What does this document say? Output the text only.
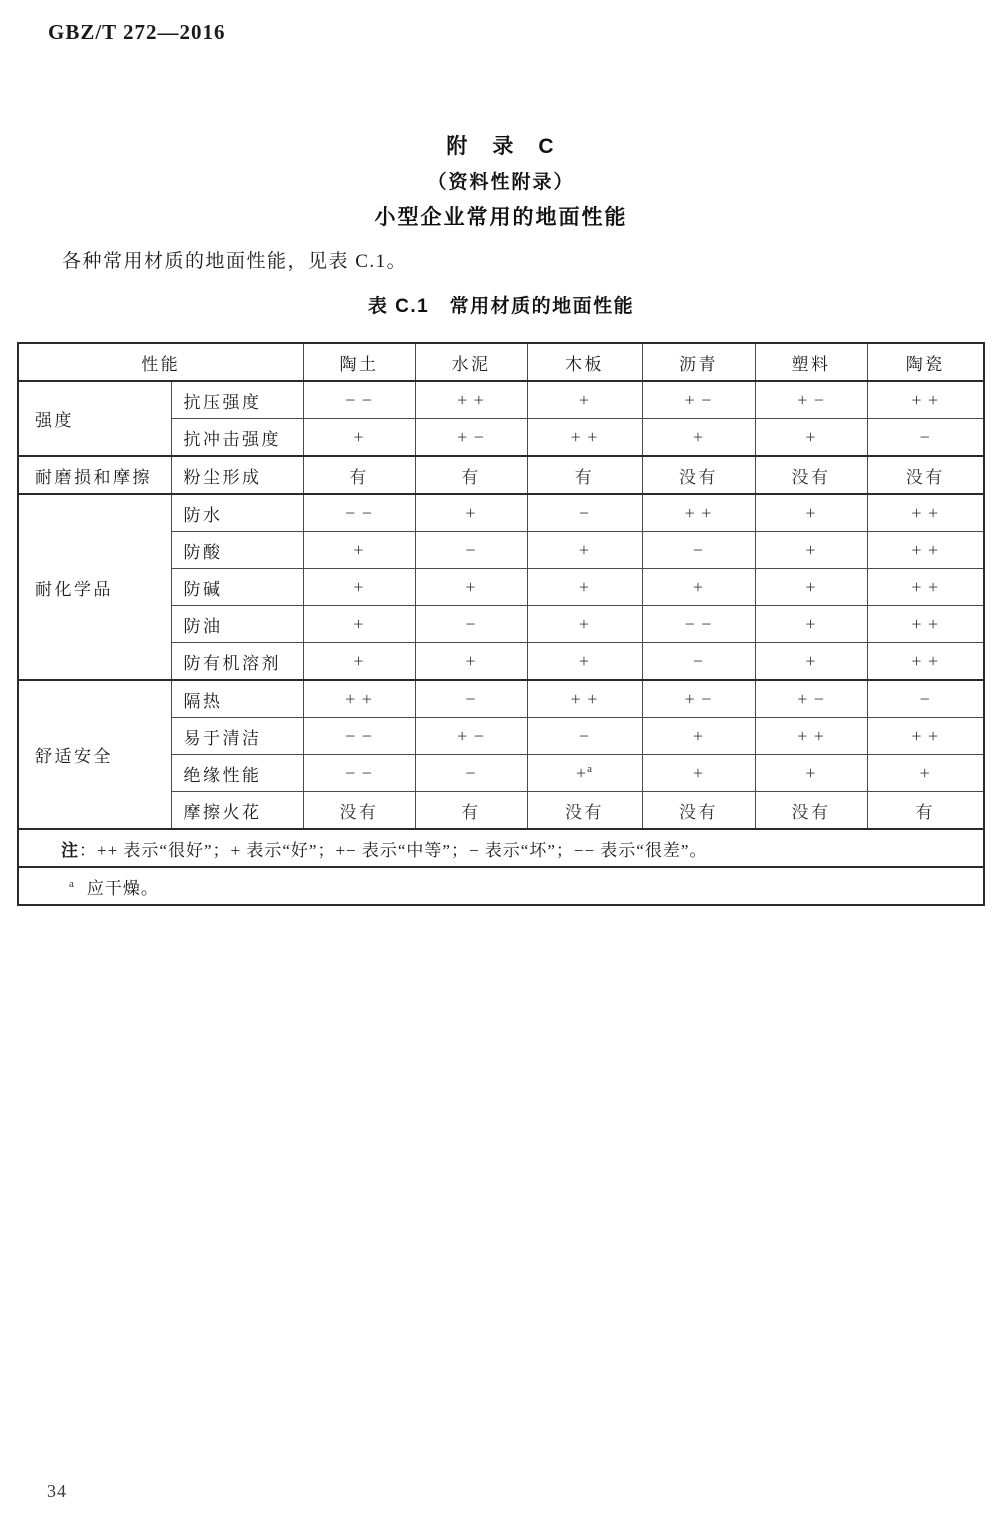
GBZ/T 272—2016
附　录　C
（资料性附录）
小型企业常用的地面性能
各种常用材质的地面性能，见表 C.1。
表 C.1　常用材质的地面性能
性能		陶土	水泥	木板	沥青	塑料	陶瓷
强度	抗压强度	− −	+ +	+	+ −	+ −	+ +
	抗冲击强度	+	+ −	+ +	+	+	−
耐磨损和摩擦	粉尘形成	有	有	有	没有	没有	没有
耐化学品	防水	− −	+	−	+ +	+	+ +
	防酸	+	−	+	−	+	+ +
	防碱	+	+	+	+	+	+ +
	防油	+	−	+	− −	+	+ +
	防有机溶剂	+	+	+	−	+	+ +
舒适安全	隔热	+ +	−	+ +	+ −	+ −	−
	易于清洁	− −	+ −	−	+	+ +	+ +
	绝缘性能	− −	−	+$^a$	+	+	+
	摩擦火花	没有	有	没有	没有	没有	有
注：++ 表示“很好”；+ 表示“好”；+− 表示“中等”；− 表示“坏”；−− 表示“很差”。							
$^a$ 应干燥。							
34
